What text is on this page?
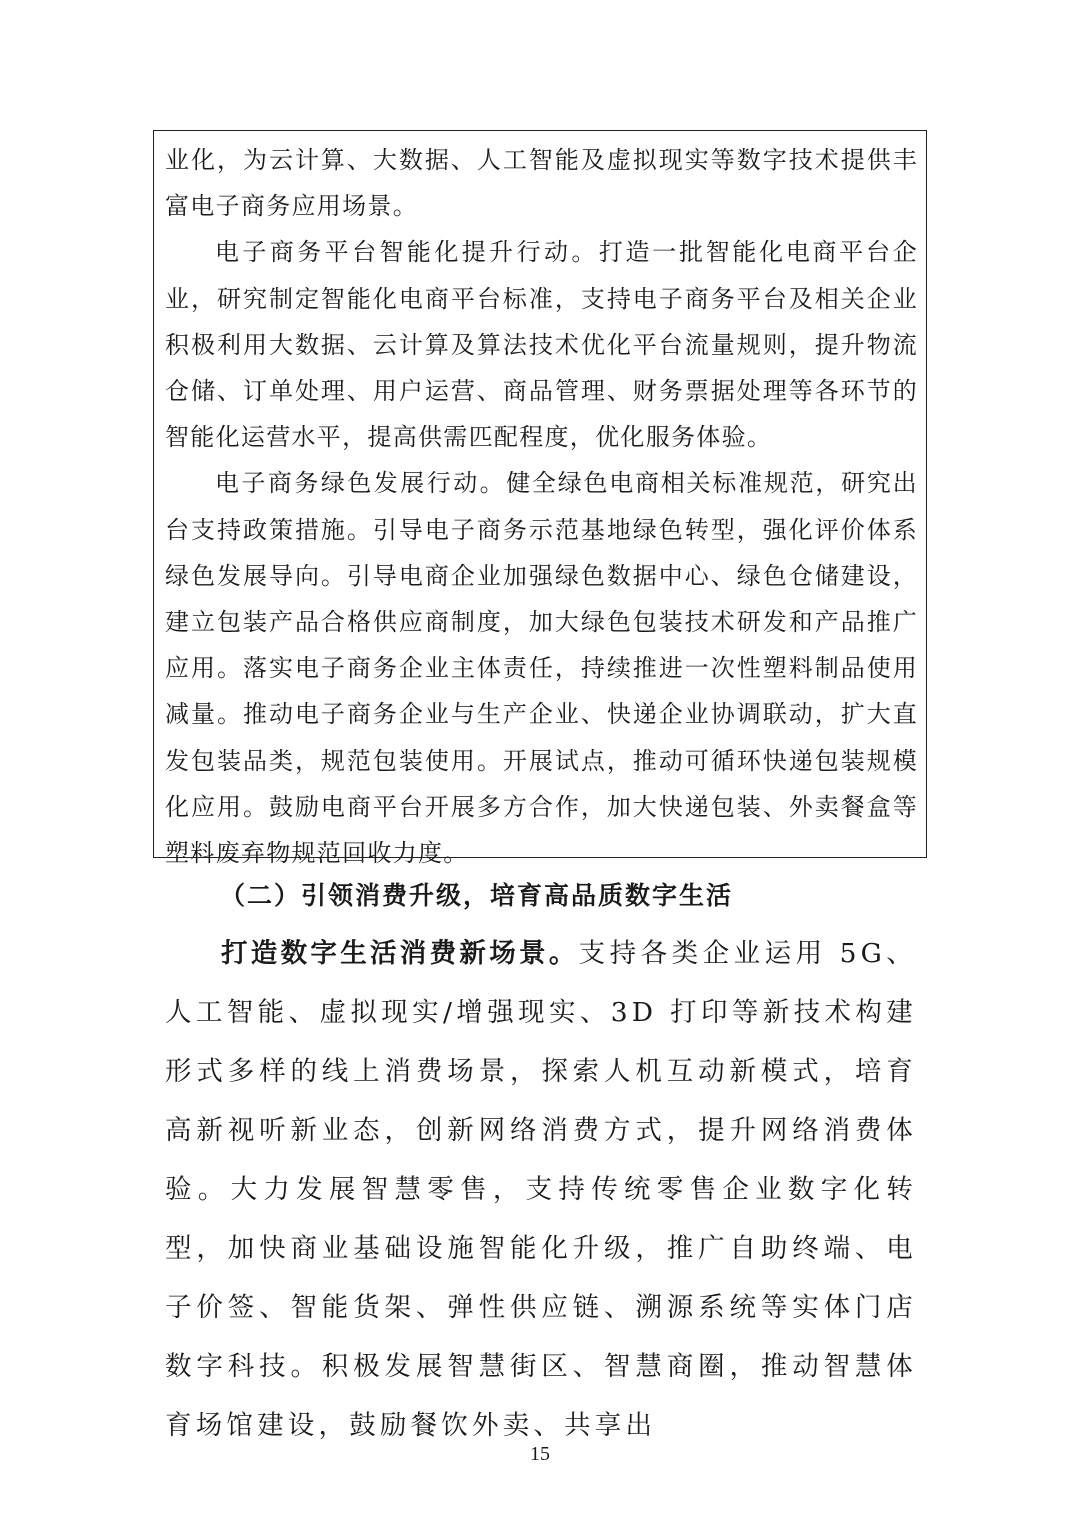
业化，为云计算、大数据、人工智能及虚拟现实等数字技术提供丰富电子商务应用场景。

电子商务平台智能化提升行动。打造一批智能化电商平台企业，研究制定智能化电商平台标准，支持电子商务平台及相关企业积极利用大数据、云计算及算法技术优化平台流量规则，提升物流仓储、订单处理、用户运营、商品管理、财务票据处理等各环节的智能化运营水平，提高供需匹配程度，优化服务体验。

电子商务绿色发展行动。健全绿色电商相关标准规范，研究出台支持政策措施。引导电子商务示范基地绿色转型，强化评价体系绿色发展导向。引导电商企业加强绿色数据中心、绿色仓储建设，建立包装产品合格供应商制度，加大绿色包装技术研发和产品推广应用。落实电子商务企业主体责任，持续推进一次性塑料制品使用减量。推动电子商务企业与生产企业、快递企业协调联动，扩大直发包装品类，规范包装使用。开展试点，推动可循环快递包装规模化应用。鼓励电商平台开展多方合作，加大快递包装、外卖餐盒等塑料废弃物规范回收力度。

（二）引领消费升级，培育高品质数字生活

打造数字生活消费新场景。支持各类企业运用 5G、人工智能、虚拟现实/增强现实、3D 打印等新技术构建形式多样的线上消费场景，探索人机互动新模式，培育高新视听新业态，创新网络消费方式，提升网络消费体验。大力发展智慧零售，支持传统零售企业数字化转型，加快商业基础设施智能化升级，推广自助终端、电子价签、智能货架、弹性供应链、溯源系统等实体门店数字科技。积极发展智慧街区、智慧商圈，推动智慧体育场馆建设，鼓励餐饮外卖、共享出

15
